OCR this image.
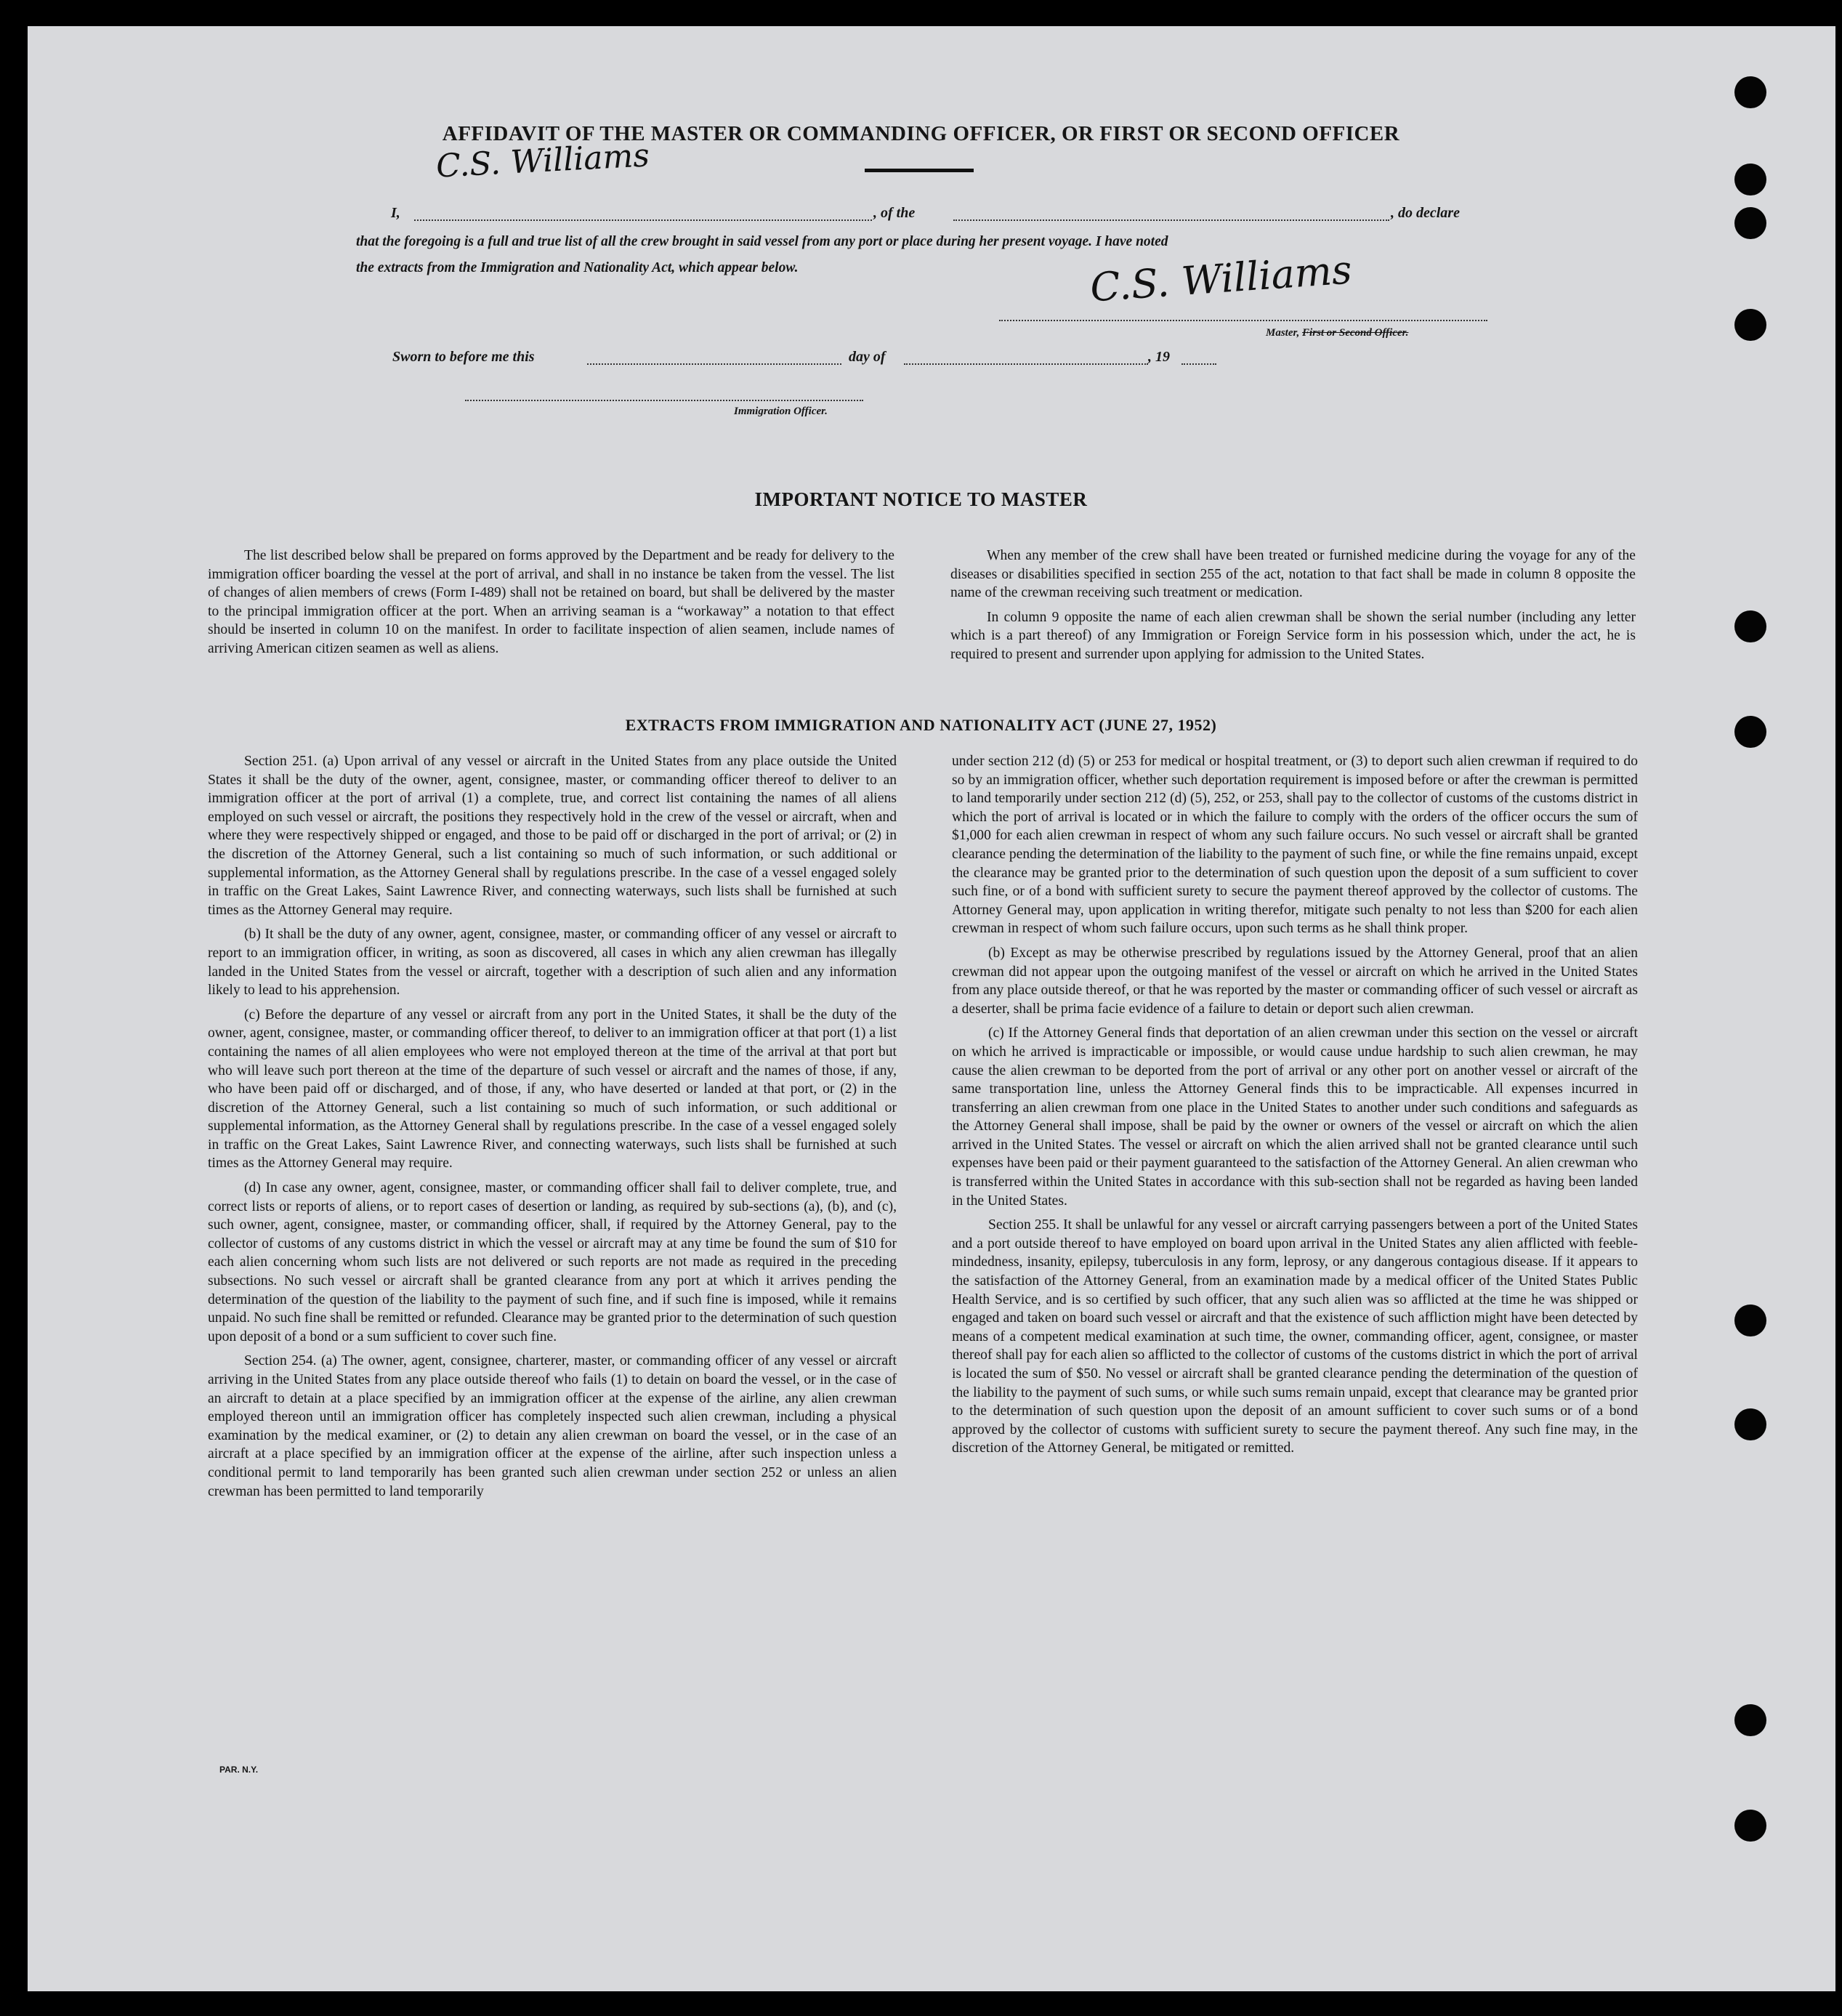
AFFIDAVIT OF THE MASTER OR COMMANDING OFFICER, OR FIRST OR SECOND OFFICER
C.S. Williams
I,	, of the	, do declare
that the foregoing is a full and true list of all the crew brought in said vessel from any port or place during her present voyage. I have noted
the extracts from the Immigration and Nationality Act, which appear below.	C.S. Williams
Master, First or Second Officer.
Sworn to before me this	day of	, 19
Immigration Officer.
IMPORTANT NOTICE TO MASTER

The list described below shall be prepared on forms approved by the Department and be ready for delivery to the immigration officer boarding the vessel at the port of arrival, and shall in no instance be taken from the vessel. The list of changes of alien members of crews (Form I-489) shall not be retained on board, but shall be delivered by the master to the principal immigration officer at the port. When an arriving seaman is a “workaway” a notation to that effect should be inserted in column 10 on the manifest. In order to facilitate inspection of alien seamen, include names of arriving American citizen seamen as well as aliens.

When any member of the crew shall have been treated or furnished medicine during the voyage for any of the diseases or disabilities specified in section 255 of the act, notation to that fact shall be made in column 8 opposite the name of the crewman receiving such treatment or medication.

In column 9 opposite the name of each alien crewman shall be shown the serial number (including any letter which is a part thereof) of any Immigration or Foreign Service form in his possession which, under the act, he is required to present and surrender upon applying for admission to the United States.

EXTRACTS FROM IMMIGRATION AND NATIONALITY ACT (JUNE 27, 1952)

Section 251. (a) Upon arrival of any vessel or aircraft in the United States from any place outside the United States it shall be the duty of the owner, agent, consignee, master, or commanding officer thereof to deliver to an immigration officer at the port of arrival (1) a complete, true, and correct list containing the names of all aliens employed on such vessel or aircraft, the positions they respectively hold in the crew of the vessel or aircraft, when and where they were respectively shipped or engaged, and those to be paid off or discharged in the port of arrival; or (2) in the discretion of the Attorney General, such a list containing so much of such information, or such additional or supplemental information, as the Attorney General shall by regulations prescribe. In the case of a vessel engaged solely in traffic on the Great Lakes, Saint Lawrence River, and connecting waterways, such lists shall be furnished at such times as the Attorney General may require.

(b) It shall be the duty of any owner, agent, consignee, master, or commanding officer of any vessel or aircraft to report to an immigration officer, in writing, as soon as discovered, all cases in which any alien crewman has illegally landed in the United States from the vessel or aircraft, together with a description of such alien and any information likely to lead to his apprehension.

(c) Before the departure of any vessel or aircraft from any port in the United States, it shall be the duty of the owner, agent, consignee, master, or commanding officer thereof, to deliver to an immigration officer at that port (1) a list containing the names of all alien employees who were not employed thereon at the time of the arrival at that port but who will leave such port thereon at the time of the departure of such vessel or aircraft and the names of those, if any, who have been paid off or discharged, and of those, if any, who have deserted or landed at that port, or (2) in the discretion of the Attorney General, such a list containing so much of such information, or such additional or supplemental information, as the Attorney General shall by regulations prescribe. In the case of a vessel engaged solely in traffic on the Great Lakes, Saint Lawrence River, and connecting waterways, such lists shall be furnished at such times as the Attorney General may require.

(d) In case any owner, agent, consignee, master, or commanding officer shall fail to deliver complete, true, and correct lists or reports of aliens, or to report cases of desertion or landing, as required by sub-sections (a), (b), and (c), such owner, agent, consignee, master, or commanding officer, shall, if required by the Attorney General, pay to the collector of customs of any customs district in which the vessel or aircraft may at any time be found the sum of $10 for each alien concerning whom such lists are not delivered or such reports are not made as required in the preceding subsections. No such vessel or aircraft shall be granted clearance from any port at which it arrives pending the determination of the question of the liability to the payment of such fine, and if such fine is imposed, while it remains unpaid. No such fine shall be remitted or refunded. Clearance may be granted prior to the determination of such question upon deposit of a bond or a sum sufficient to cover such fine.

Section 254. (a) The owner, agent, consignee, charterer, master, or commanding officer of any vessel or aircraft arriving in the United States from any place outside thereof who fails (1) to detain on board the vessel, or in the case of an aircraft to detain at a place specified by an immigration officer at the expense of the airline, any alien crewman employed thereon until an immigration officer has completely inspected such alien crewman, including a physical examination by the medical examiner, or (2) to detain any alien crewman on board the vessel, or in the case of an aircraft at a place specified by an immigration officer at the expense of the airline, after such inspection unless a conditional permit to land temporarily has been granted such alien crewman under section 252 or unless an alien crewman has been permitted to land temporarily

under section 212 (d) (5) or 253 for medical or hospital treatment, or (3) to deport such alien crewman if required to do so by an immigration officer, whether such deportation requirement is imposed before or after the crewman is permitted to land temporarily under section 212 (d) (5), 252, or 253, shall pay to the collector of customs of the customs district in which the port of arrival is located or in which the failure to comply with the orders of the officer occurs the sum of $1,000 for each alien crewman in respect of whom any such failure occurs. No such vessel or aircraft shall be granted clearance pending the determination of the liability to the payment of such fine, or while the fine remains unpaid, except the clearance may be granted prior to the determination of such question upon the deposit of a sum sufficient to cover such fine, or of a bond with sufficient surety to secure the payment thereof approved by the collector of customs. The Attorney General may, upon application in writing therefor, mitigate such penalty to not less than $200 for each alien crewman in respect of whom such failure occurs, upon such terms as he shall think proper.

(b) Except as may be otherwise prescribed by regulations issued by the Attorney General, proof that an alien crewman did not appear upon the outgoing manifest of the vessel or aircraft on which he arrived in the United States from any place outside thereof, or that he was reported by the master or commanding officer of such vessel or aircraft as a deserter, shall be prima facie evidence of a failure to detain or deport such alien crewman.

(c) If the Attorney General finds that deportation of an alien crewman under this section on the vessel or aircraft on which he arrived is impracticable or impossible, or would cause undue hardship to such alien crewman, he may cause the alien crewman to be deported from the port of arrival or any other port on another vessel or aircraft of the same transportation line, unless the Attorney General finds this to be impracticable. All expenses incurred in transferring an alien crewman from one place in the United States to another under such conditions and safeguards as the Attorney General shall impose, shall be paid by the owner or owners of the vessel or aircraft on which the alien arrived in the United States. The vessel or aircraft on which the alien arrived shall not be granted clearance until such expenses have been paid or their payment guaranteed to the satisfaction of the Attorney General. An alien crewman who is transferred within the United States in accordance with this sub-section shall not be regarded as having been landed in the United States.

Section 255. It shall be unlawful for any vessel or aircraft carrying passengers between a port of the United States and a port outside thereof to have employed on board upon arrival in the United States any alien afflicted with feeble-mindedness, insanity, epilepsy, tuberculosis in any form, leprosy, or any dangerous contagious disease. If it appears to the satisfaction of the Attorney General, from an examination made by a medical officer of the United States Public Health Service, and is so certified by such officer, that any such alien was so afflicted at the time he was shipped or engaged and taken on board such vessel or aircraft and that the existence of such affliction might have been detected by means of a competent medical examination at such time, the owner, commanding officer, agent, consignee, or master thereof shall pay for each alien so afflicted to the collector of customs of the customs district in which the port of arrival is located the sum of $50. No vessel or aircraft shall be granted clearance pending the determination of the question of the liability to the payment of such sums, or while such sums remain unpaid, except that clearance may be granted prior to the determination of such question upon the deposit of an amount sufficient to cover such sums or of a bond approved by the collector of customs with sufficient surety to secure the payment thereof. Any such fine may, in the discretion of the Attorney General, be mitigated or remitted.

PAR. N.Y.
